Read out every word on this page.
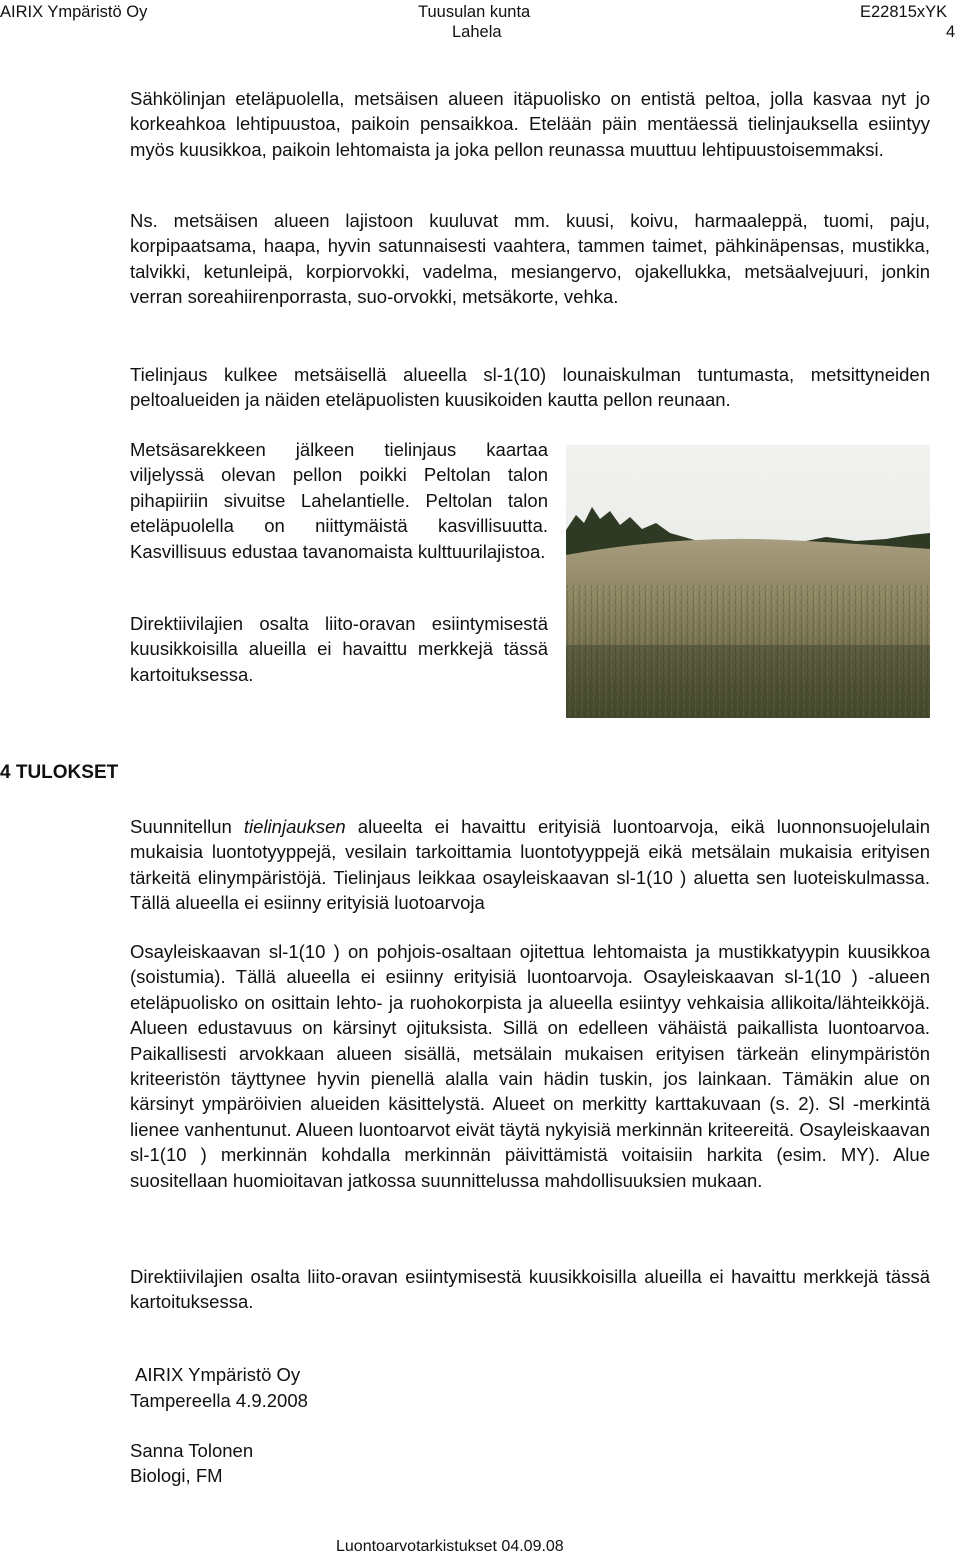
AIRIX Ympäristö Oy	Tuusulan kunta	E22815xYK
Lahela	4

Sähkölinjan eteläpuolella, metsäisen alueen itäpuolisko on entistä peltoa, jolla kasvaa nyt jo korkeahkoa lehtipuustoa, paikoin pensaikkoa. Etelään päin mentäessä tielinjauksella esiintyy myös kuusikkoa, paikoin lehtomaista ja joka pellon reunassa muuttuu lehtipuustoisemmaksi.

Ns. metsäisen alueen lajistoon kuuluvat mm. kuusi, koivu, harmaaleppä, tuomi, paju, korpipaatsama, haapa, hyvin satunnaisesti vaahtera, tammen taimet, pähkinäpensas, mustikka, talvikki, ketunleipä, korpiorvokki, vadelma, mesiangervo, ojakellukka, metsäalvejuuri, jonkin verran soreahiirenporrasta, suo-orvokki, metsäkorte, vehka.

Tielinjaus kulkee metsäisellä alueella sl-1(10) lounaiskulman tuntumasta, metsittyneiden peltoalueiden ja näiden eteläpuolisten kuusikoiden kautta pellon reunaan.

Metsäsarekkeen jälkeen tielinjaus kaartaa viljelyssä olevan pellon poikki Peltolan talon pihapiiriin sivuitse Lahelantielle. Peltolan talon eteläpuolella on niittymäistä kasvillisuutta. Kasvillisuus edustaa tavanomaista kulttuurilajistoa.

Direktiivilajien osalta liito-oravan esiintymisestä kuusikkoisilla alueilla ei havaittu merkkejä tässä kartoituksessa.

4 TULOKSET

Suunnitellun tielinjauksen alueelta ei havaittu erityisiä luontoarvoja, eikä luonnonsuojelulain mukaisia luontotyyppejä, vesilain tarkoittamia luontotyyppejä eikä metsälain mukaisia erityisen tärkeitä elinympäristöjä. Tielinjaus leikkaa osayleiskaavan sl-1(10 ) aluetta sen luoteiskulmassa. Tällä alueella ei esiinny erityisiä luotoarvoja

Osayleiskaavan sl-1(10 ) on pohjois-osaltaan ojitettua lehtomaista ja mustikkatyypin kuusikkoa (soistumia). Tällä alueella ei esiinny erityisiä luontoarvoja. Osayleiskaavan sl-1(10 ) -alueen eteläpuolisko on osittain lehto- ja ruohokorpista ja alueella esiintyy vehkaisia allikoita/lähteikköjä. Alueen edustavuus on kärsinyt ojituksista. Sillä on edelleen vähäistä paikallista luontoarvoa. Paikallisesti arvokkaan alueen sisällä, metsälain mukaisen erityisen tärkeän elinympäristön kriteeristön täyttynee hyvin pienellä alalla vain hädin tuskin, jos lainkaan. Tämäkin alue on kärsinyt ympäröivien alueiden käsittelystä. Alueet on merkitty karttakuvaan (s. 2). Sl -merkintä lienee vanhentunut. Alueen luontoarvot eivät täytä nykyisiä merkinnän kriteereitä. Osayleiskaavan sl-1(10 ) merkinnän kohdalla merkinnän päivittämistä voitaisiin harkita (esim. MY). Alue suositellaan huomioitavan jatkossa suunnittelussa mahdollisuuksien mukaan.

Direktiivilajien osalta liito-oravan esiintymisestä kuusikkoisilla alueilla ei havaittu merkkejä tässä kartoituksessa.

AIRIX Ympäristö Oy
Tampereella 4.9.2008
Sanna Tolonen
Biologi, FM
Luontoarvotarkistukset 04.09.08
